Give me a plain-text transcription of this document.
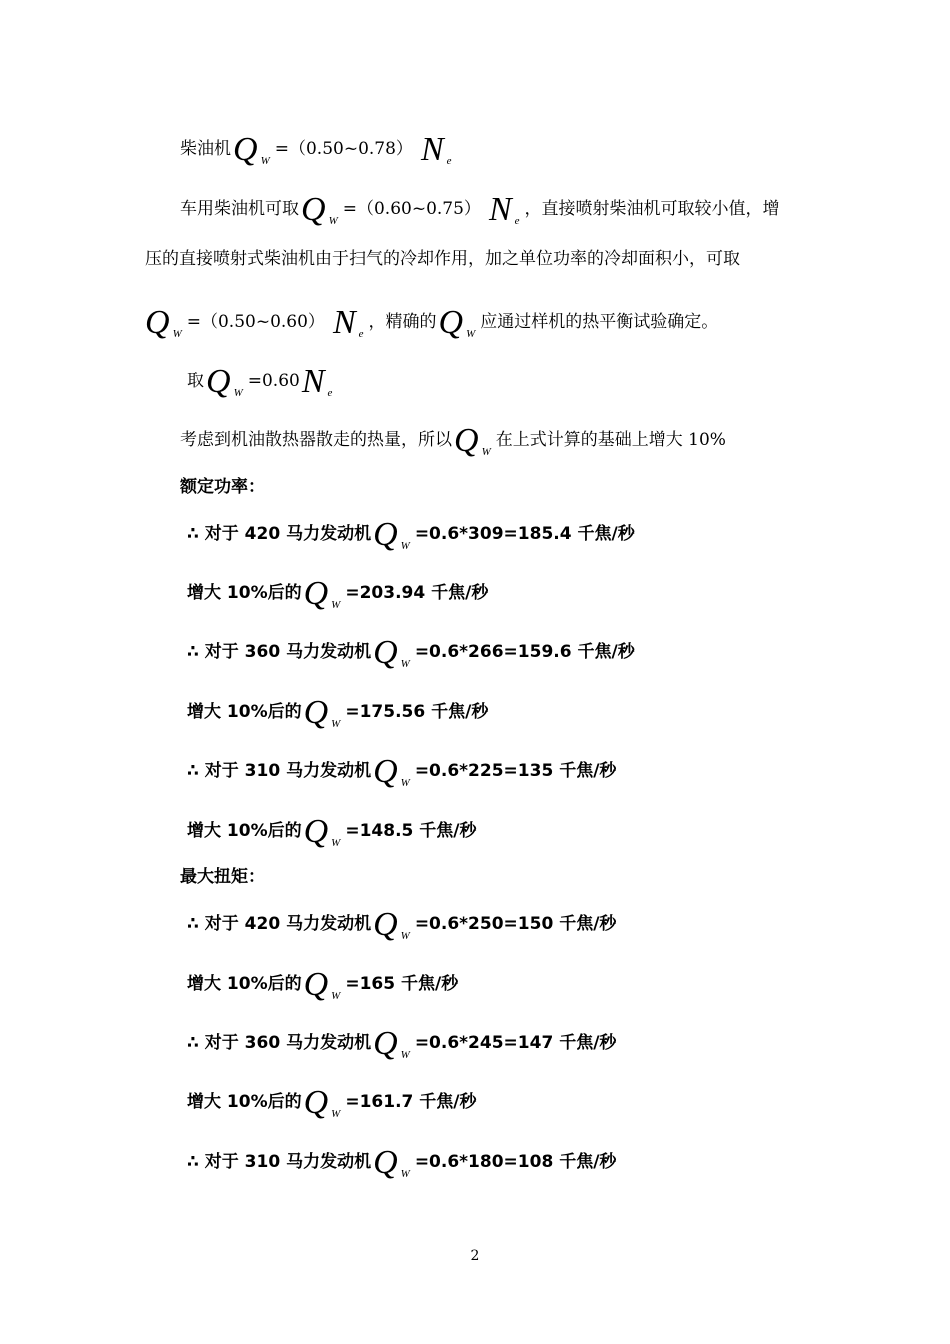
柴油机Q $_W$=（0.50~0.78） N $_e$
车用柴油机可取Q $_W$=（0.60~0.75） N $_e$，直接喷射柴油机可取较小值，增
压的直接喷射式柴油机由于扫气的冷却作用，加之单位功率的冷却面积小，可取
Q $_W$=（0.50~0.60） N $_e$，精确的Q $_W$应通过样机的热平衡试验确定。
取Q $_W$=0.60N $_e$
考虑到机油散热器散走的热量，所以Q $_W$在上式计算的基础上增大 10%
额定功率：
∴ 对于 420 马力发动机Q $_W$=0.6*309=185.4 千焦/秒
增大 10%后的Q $_W$=203.94 千焦/秒
∴ 对于 360 马力发动机Q $_W$=0.6*266=159.6 千焦/秒
增大 10%后的Q $_W$=175.56 千焦/秒
∴ 对于 310 马力发动机Q $_W$=0.6*225=135 千焦/秒
增大 10%后的Q $_W$=148.5 千焦/秒
最大扭矩：
∴ 对于 420 马力发动机Q $_W$=0.6*250=150 千焦/秒
增大 10%后的Q $_W$=165 千焦/秒
∴ 对于 360 马力发动机Q $_W$=0.6*245=147 千焦/秒
增大 10%后的Q $_W$=161.7 千焦/秒
∴ 对于 310 马力发动机Q $_W$=0.6*180=108 千焦/秒
2
